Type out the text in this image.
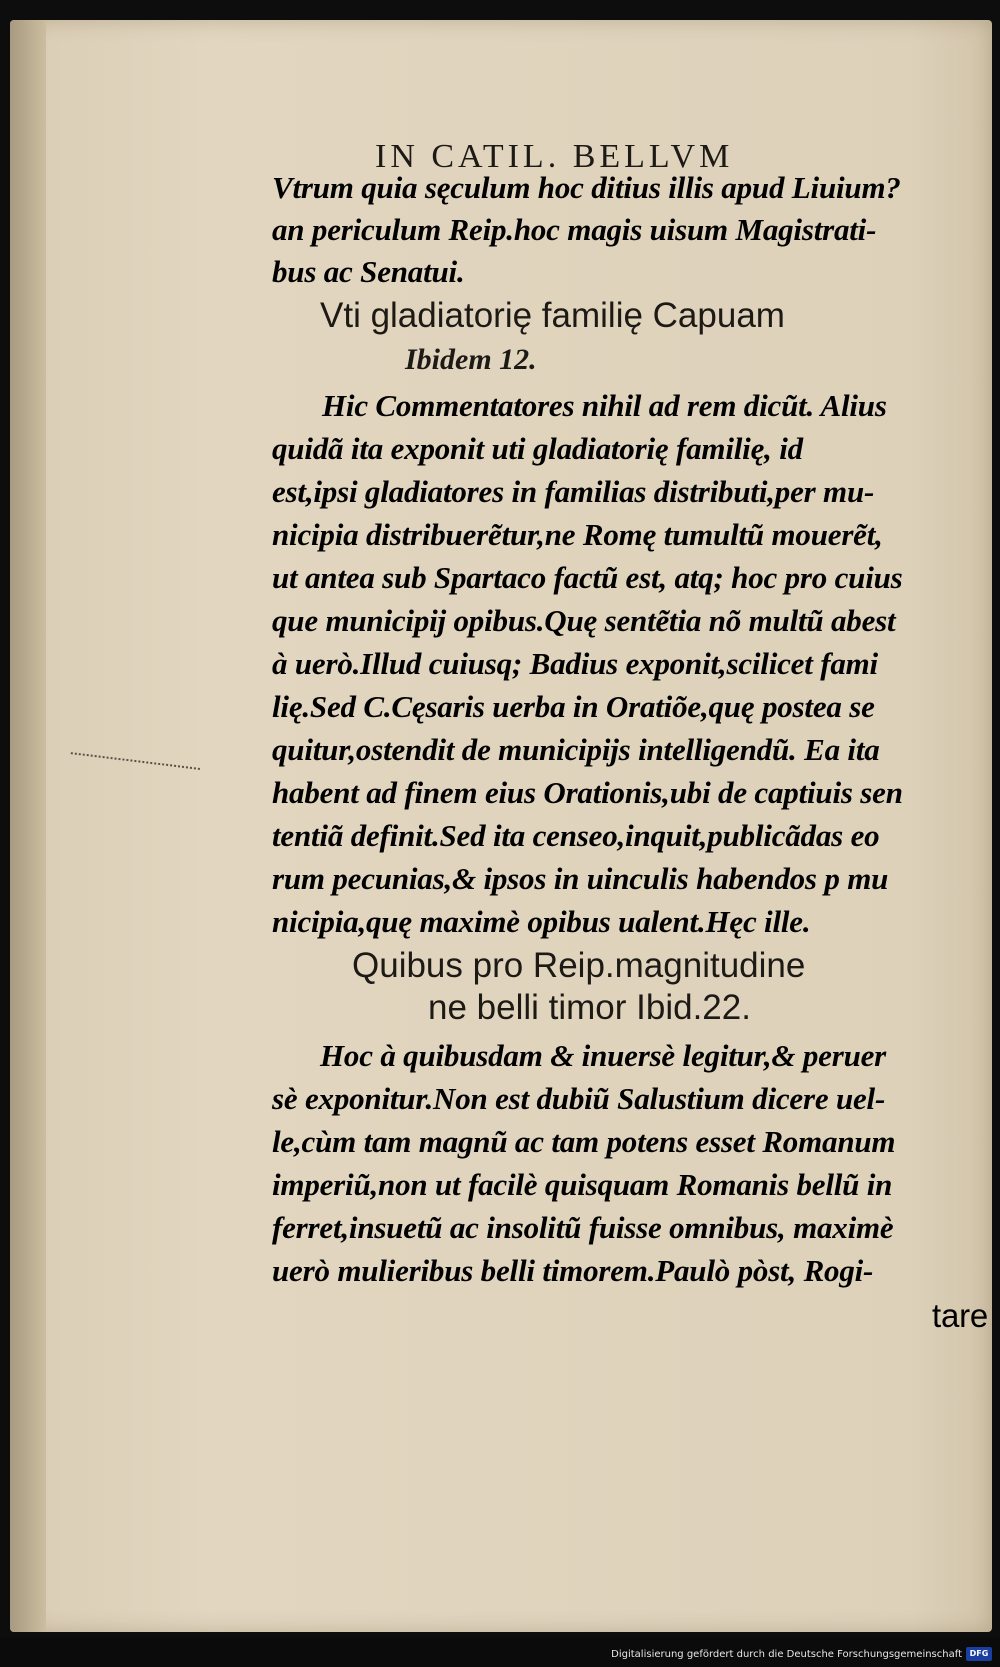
IN CATIL. BELLVM
Vtrum quia sęculum hoc ditius illis apud Liuium?
an periculum Reip.hoc magis uisum Magistrati-
bus ac Senatui.
Vti gladiatorię familię Capuam
Ibidem 12.
Hic Commentatores nihil ad rem dicũt. Alius
quidã ita exponit uti gladiatorię familię, id
est,ipsi gladiatores in familias distributi,per mu-
nicipia distribuerẽtur,ne Romę tumultũ mouerẽt,
ut antea sub Spartaco factũ est, atq; hoc pro cuius
que municipij opibus.Quę sentẽtia nõ multũ abest
à uerò.Illud cuiusq; Badius exponit,scilicet fami
lię.Sed C.Cęsaris uerba in Oratiõe,quę postea se
quitur,ostendit de municipijs intelligendũ. Ea ita
habent ad finem eius Orationis,ubi de captiuis sen
tentiã definit.Sed ita censeo,inquit,publicãdas eo
rum pecunias,& ipsos in uinculis habendos p mu
nicipia,quę maximè opibus ualent.Hęc ille.
Quibus pro Reip.magnitudine
ne belli timor Ibid.22.
Hoc à quibusdam & inuersè legitur,& peruer
sè exponitur.Non est dubiũ Salustium dicere uel-
le,cùm tam magnũ ac tam potens esset Romanum
imperiũ,non ut facilè quisquam Romanis bellũ in
ferret,insuetũ ac insolitũ fuisse omnibus, maximè
uerò mulieribus belli timorem.Paulò pòst, Rogi-
tare
Digitalisierung gefördert durch die Deutsche Forschungsgemeinschaft DFG
